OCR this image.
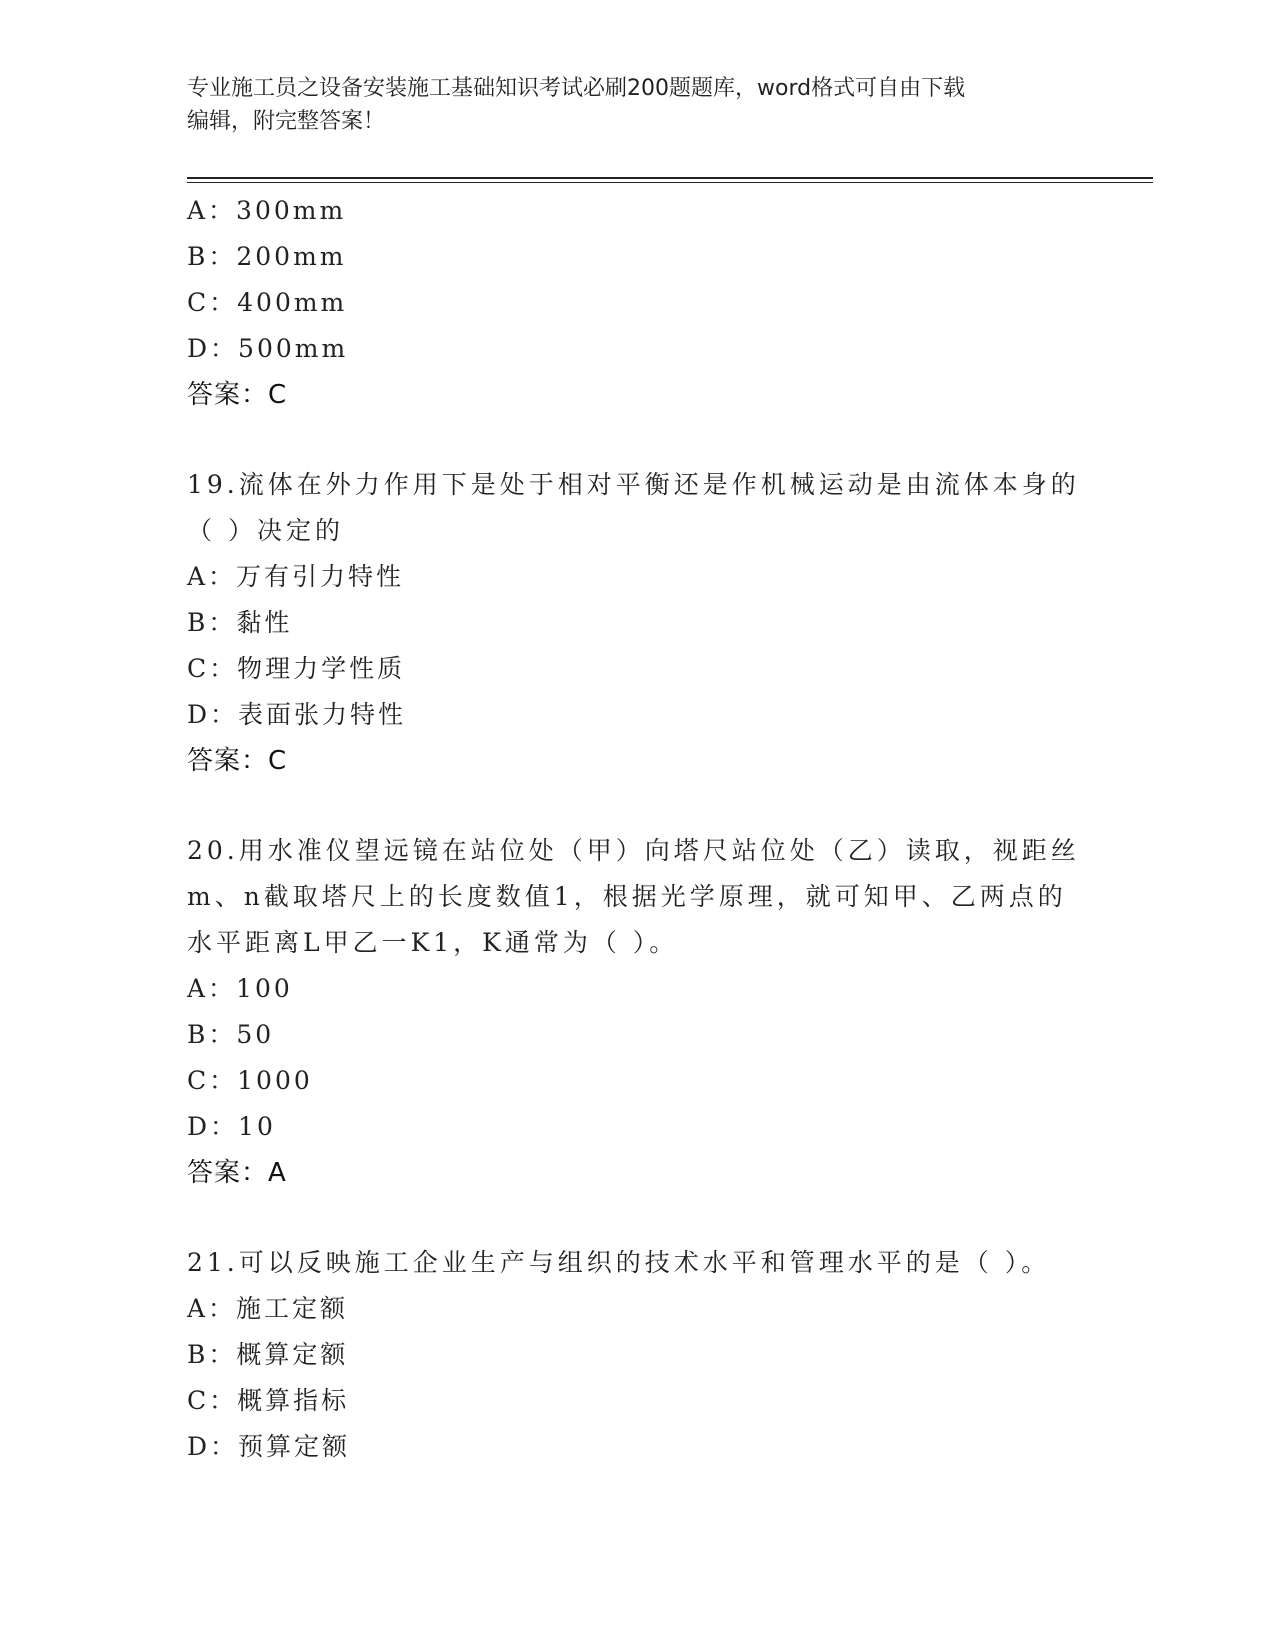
专业施工员之设备安装施工基础知识考试必刷200题题库，word格式可自由下载
编辑，附完整答案！
A：300mm
B：200mm
C：400mm
D：500mm
答案：C
19.流体在外力作用下是处于相对平衡还是作机械运动是由流体本身的
（ ）决定的
A：万有引力特性
B：黏性
C：物理力学性质
D：表面张力特性
答案：C
20.用水准仪望远镜在站位处（甲）向塔尺站位处（乙）读取，视距丝
m、n截取塔尺上的长度数值1，根据光学原理，就可知甲、乙两点的
水平距离L甲乙一K1，K通常为（ ）。
A：100
B：50
C：1000
D：10
答案：A
21.可以反映施工企业生产与组织的技术水平和管理水平的是（ ）。
A：施工定额
B：概算定额
C：概算指标
D：预算定额
